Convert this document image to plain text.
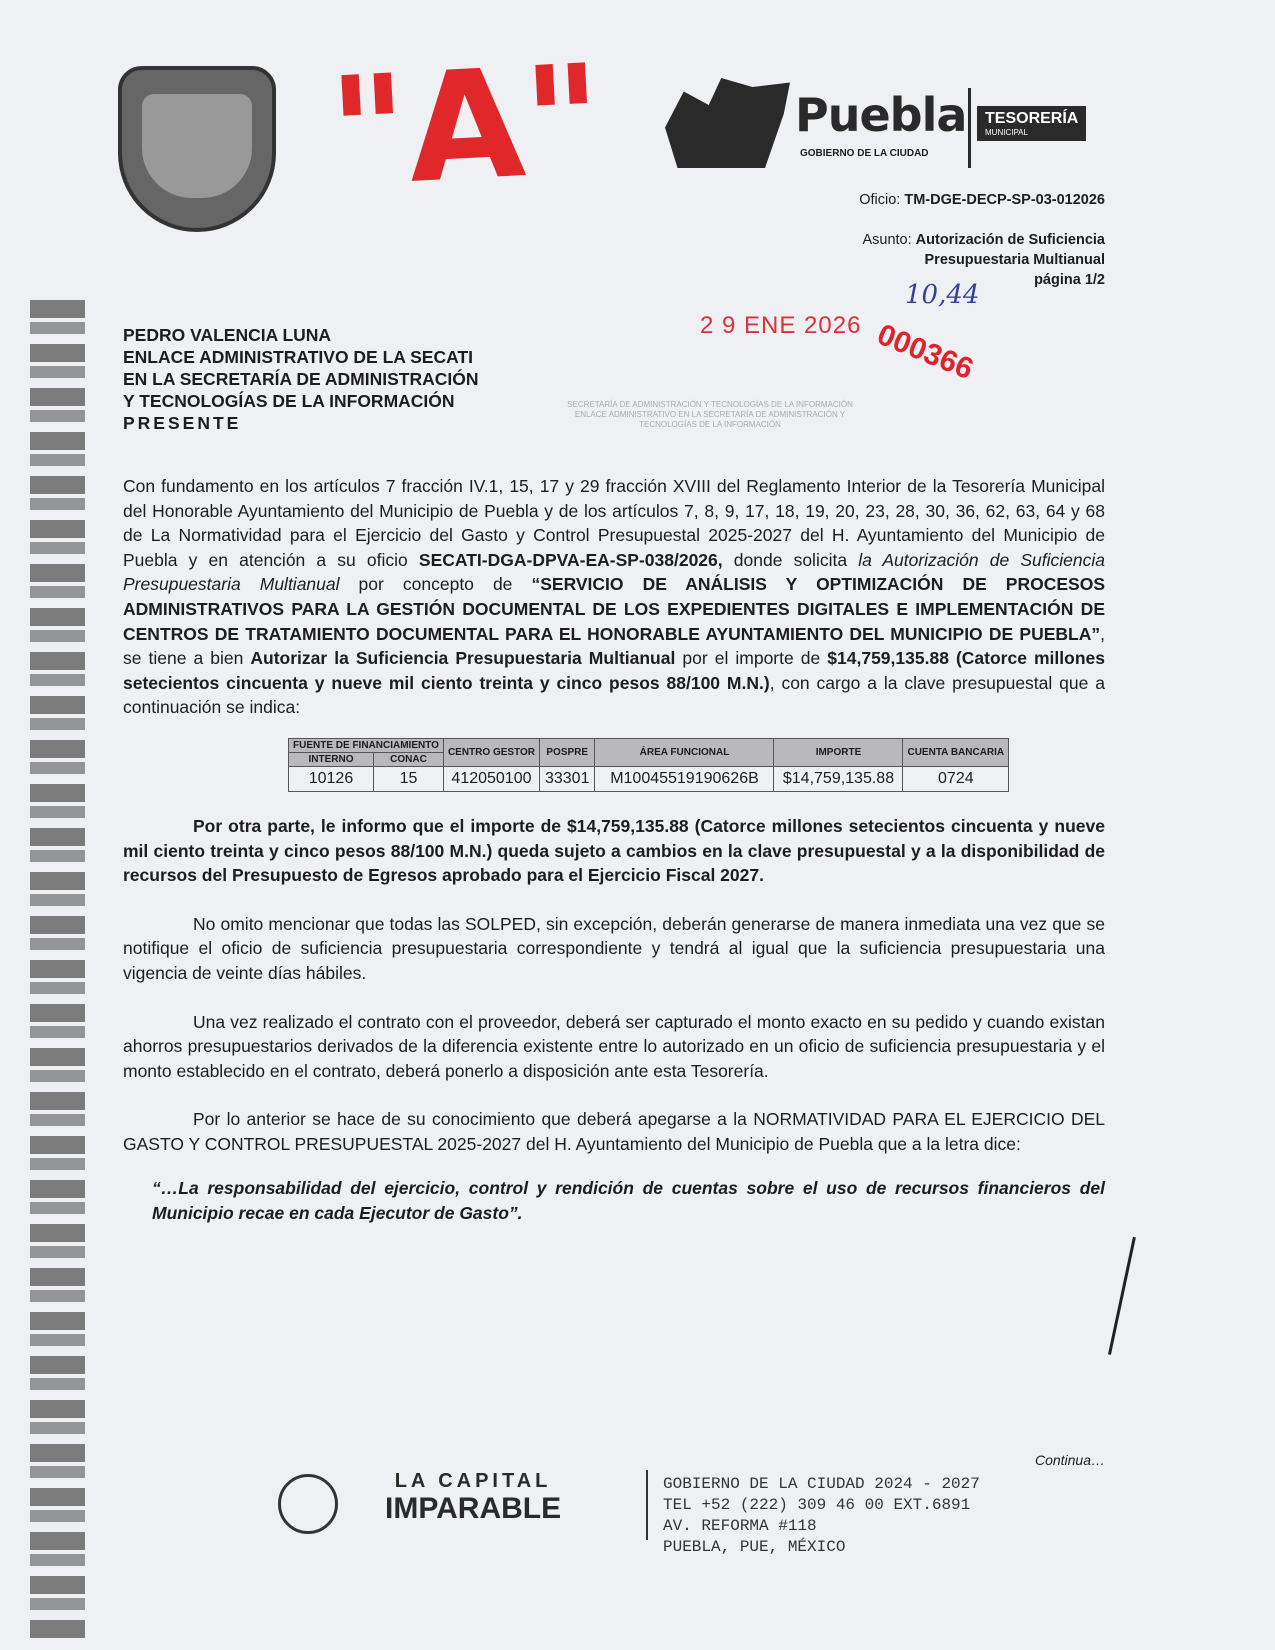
"A"	Puebla
GOBIERNO DE LA CIUDAD
TESORERÍA
MUNICIPAL
Oficio: TM-DGE-DECP-SP-03-012026
Asunto: Autorización de Suficiencia
Presupuestaria Multianual
página 1/2
SECRETARÍA DE ADMINISTRACIÓN Y TECNOLOGÍAS DE LA INFORMACIÓN ENLACE ADMINISTRATIVO EN LA SECRETARÍA DE ADMINISTRACIÓN Y TECNOLOGÍAS DE LA INFORMACIÓN
2 9 ENE 2026 000366
10,44
PEDRO VALENCIA LUNA
ENLACE ADMINISTRATIVO DE LA SECATI
EN LA SECRETARÍA DE ADMINISTRACIÓN
Y TECNOLOGÍAS DE LA INFORMACIÓN
PRESENTE

Con fundamento en los artículos 7 fracción IV.1, 15, 17 y 29 fracción XVIII del Reglamento Interior de la Tesorería Municipal del Honorable Ayuntamiento del Municipio de Puebla y de los artículos 7, 8, 9, 17, 18, 19, 20, 23, 28, 30, 36, 62, 63, 64 y 68 de La Normatividad para el Ejercicio del Gasto y Control Presupuestal 2025-2027 del H. Ayuntamiento del Municipio de Puebla y en atención a su oficio SECATI-DGA-DPVA-EA-SP-038/2026, donde solicita la Autorización de Suficiencia Presupuestaria Multianual por concepto de “SERVICIO DE ANÁLISIS Y OPTIMIZACIÓN DE PROCESOS ADMINISTRATIVOS PARA LA GESTIÓN DOCUMENTAL DE LOS EXPEDIENTES DIGITALES E IMPLEMENTACIÓN DE CENTROS DE TRATAMIENTO DOCUMENTAL PARA EL HONORABLE AYUNTAMIENTO DEL MUNICIPIO DE PUEBLA”, se tiene a bien Autorizar la Suficiencia Presupuestaria Multianual por el importe de $14,759,135.88 (Catorce millones setecientos cincuenta y nueve mil ciento treinta y cinco pesos 88/100 M.N.), con cargo a la clave presupuestal que a continuación se indica:

FUENTE DE FINANCIAMIENTO		CENTRO GESTOR	POSPRE	ÁREA FUNCIONAL	IMPORTE	CUENTA BANCARIA
INTERNO	CONAC					
10126	15	412050100	33301	M10045519190626B	$14,759,135.88	0724

Por otra parte, le informo que el importe de $14,759,135.88 (Catorce millones setecientos cincuenta y nueve mil ciento treinta y cinco pesos 88/100 M.N.) queda sujeto a cambios en la clave presupuestal y a la disponibilidad de recursos del Presupuesto de Egresos aprobado para el Ejercicio Fiscal 2027.

No omito mencionar que todas las SOLPED, sin excepción, deberán generarse de manera inmediata una vez que se notifique el oficio de suficiencia presupuestaria correspondiente y tendrá al igual que la suficiencia presupuestaria una vigencia de veinte días hábiles.

Una vez realizado el contrato con el proveedor, deberá ser capturado el monto exacto en su pedido y cuando existan ahorros presupuestarios derivados de la diferencia existente entre lo autorizado en un oficio de suficiencia presupuestaria y el monto establecido en el contrato, deberá ponerlo a disposición ante esta Tesorería.

Por lo anterior se hace de su conocimiento que deberá apegarse a la NORMATIVIDAD PARA EL EJERCICIO DEL GASTO Y CONTROL PRESUPUESTAL 2025-2027 del H. Ayuntamiento del Municipio de Puebla que a la letra dice:

“…La responsabilidad del ejercicio, control y rendición de cuentas sobre el uso de recursos financieros del Municipio recae en cada Ejecutor de Gasto”.

Continua…
LA CAPITAL
IMPARABLE
GOBIERNO DE LA CIUDAD 2024 - 2027
TEL +52 (222) 309 46 00 EXT.6891
AV. REFORMA #118
PUEBLA, PUE, MÉXICO
